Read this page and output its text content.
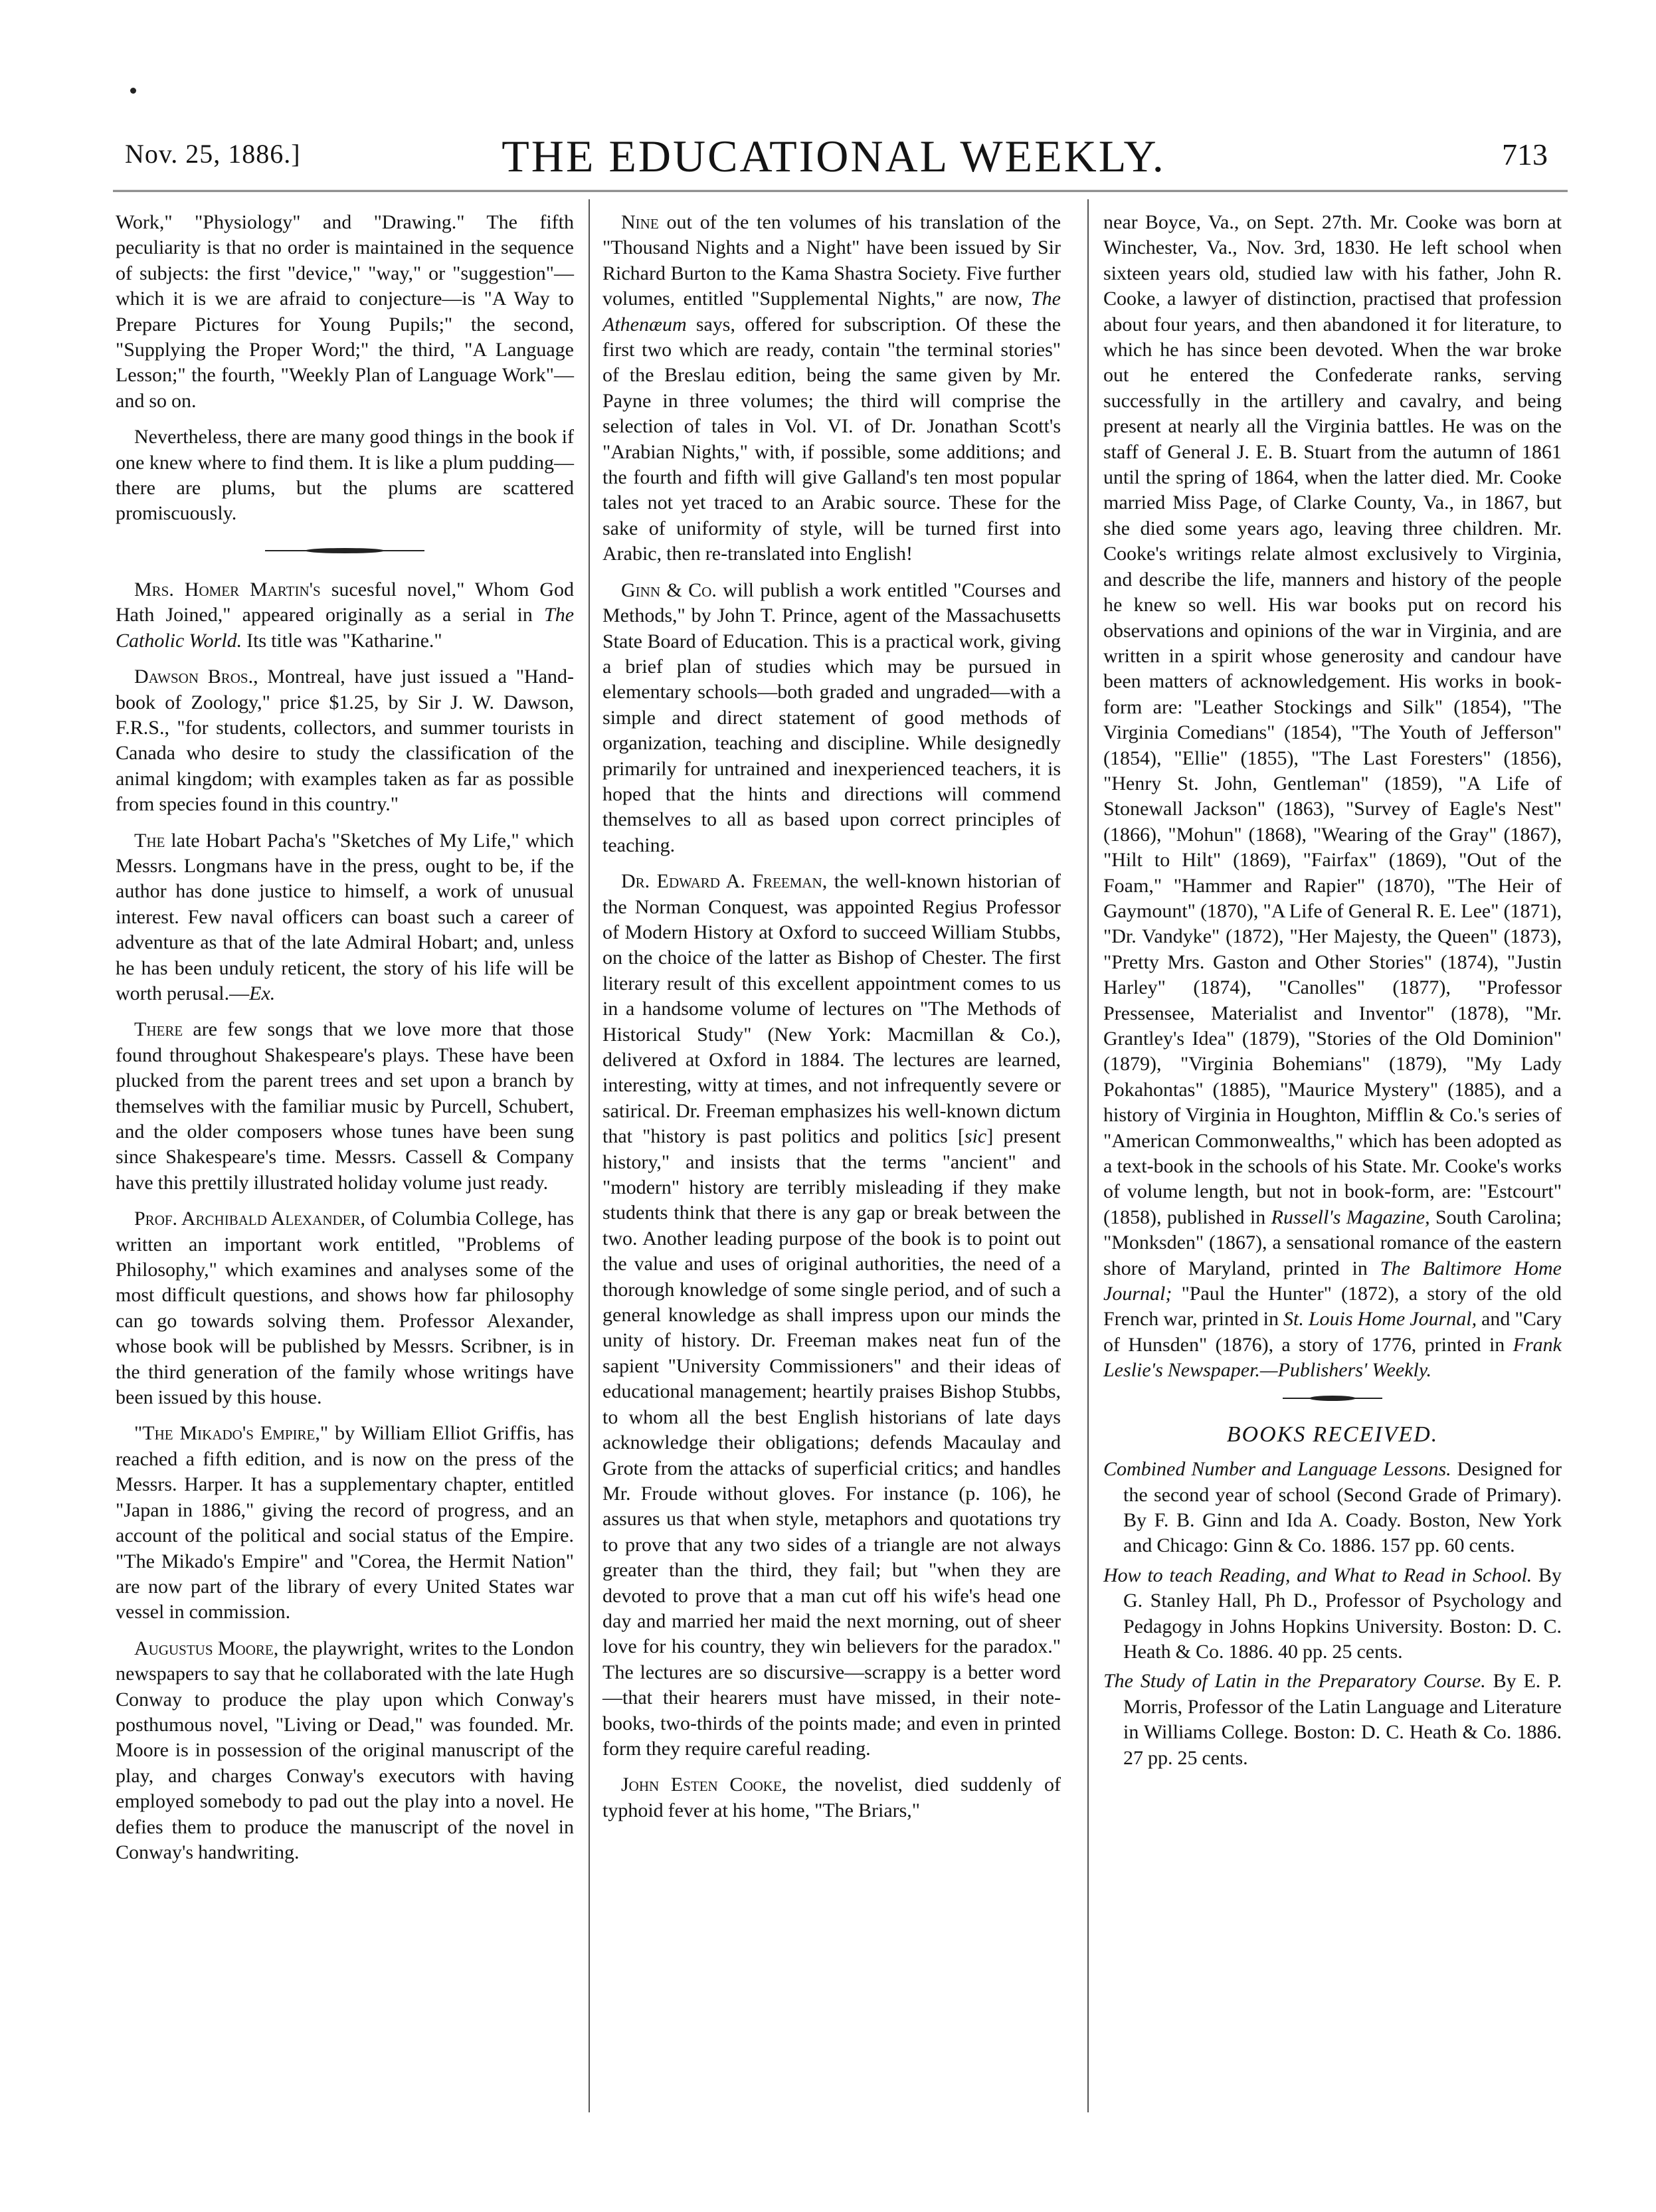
Nov. 25, 1886.]	THE EDUCATIONAL WEEKLY.	713

Work," "Physiology" and "Drawing." The fifth peculiarity is that no order is maintained in the sequence of subjects: the first "device," "way," or "suggestion"—which it is we are afraid to conjecture—is "A Way to Prepare Pictures for Young Pupils;" the second, "Supplying the Proper Word;" the third, "A Language Lesson;" the fourth, "Weekly Plan of Language Work"—and so on.

Nevertheless, there are many good things in the book if one knew where to find them. It is like a plum pudding—there are plums, but the plums are scattered promiscuously.

Mrs. Homer Martin's sucesful novel," Whom God Hath Joined," appeared originally as a serial in The Catholic World. Its title was "Katharine."

Dawson Bros., Montreal, have just issued a "Hand-book of Zoology," price $1.25, by Sir J. W. Dawson, F.R.S., "for students, collectors, and summer tourists in Canada who desire to study the classification of the animal kingdom; with examples taken as far as possible from species found in this country."

The late Hobart Pacha's "Sketches of My Life," which Messrs. Longmans have in the press, ought to be, if the author has done justice to himself, a work of unusual interest. Few naval officers can boast such a career of adventure as that of the late Admiral Hobart; and, unless he has been unduly reticent, the story of his life will be worth perusal.—Ex.

There are few songs that we love more that those found throughout Shakespeare's plays. These have been plucked from the parent trees and set upon a branch by themselves with the familiar music by Purcell, Schubert, and the older composers whose tunes have been sung since Shakespeare's time. Messrs. Cassell & Company have this prettily illustrated holiday volume just ready.

Prof. Archibald Alexander, of Columbia College, has written an important work entitled, "Problems of Philosophy," which examines and analyses some of the most difficult questions, and shows how far philosophy can go towards solving them. Professor Alexander, whose book will be published by Messrs. Scribner, is in the third generation of the family whose writings have been issued by this house.

"The Mikado's Empire," by William Elliot Griffis, has reached a fifth edition, and is now on the press of the Messrs. Harper. It has a supplementary chapter, entitled "Japan in 1886," giving the record of progress, and an account of the political and social status of the Empire. "The Mikado's Empire" and "Corea, the Hermit Nation" are now part of the library of every United States war vessel in commission.

Augustus Moore, the playwright, writes to the London newspapers to say that he collaborated with the late Hugh Conway to produce the play upon which Conway's posthumous novel, "Living or Dead," was founded. Mr. Moore is in possession of the original manuscript of the play, and charges Conway's executors with having employed somebody to pad out the play into a novel. He defies them to produce the manuscript of the novel in Conway's handwriting.

Nine out of the ten volumes of his translation of the "Thousand Nights and a Night" have been issued by Sir Richard Burton to the Kama Shastra Society. Five further volumes, entitled "Supplemental Nights," are now, The Athenæum says, offered for subscription. Of these the first two which are ready, contain "the terminal stories" of the Breslau edition, being the same given by Mr. Payne in three volumes; the third will comprise the selection of tales in Vol. VI. of Dr. Jonathan Scott's "Arabian Nights," with, if possible, some additions; and the fourth and fifth will give Galland's ten most popular tales not yet traced to an Arabic source. These for the sake of uniformity of style, will be turned first into Arabic, then re-translated into English!

Ginn & Co. will publish a work entitled "Courses and Methods," by John T. Prince, agent of the Massachusetts State Board of Education. This is a practical work, giving a brief plan of studies which may be pursued in elementary schools—both graded and ungraded—with a simple and direct statement of good methods of organization, teaching and discipline. While designedly primarily for untrained and inexperienced teachers, it is hoped that the hints and directions will commend themselves to all as based upon correct principles of teaching.

Dr. Edward A. Freeman, the well-known historian of the Norman Conquest, was appointed Regius Professor of Modern History at Oxford to succeed William Stubbs, on the choice of the latter as Bishop of Chester. The first literary result of this excellent appointment comes to us in a handsome volume of lectures on "The Methods of Historical Study" (New York: Macmillan & Co.), delivered at Oxford in 1884. The lectures are learned, interesting, witty at times, and not infrequently severe or satirical. Dr. Freeman emphasizes his well-known dictum that "history is past politics and politics [sic] present history," and insists that the terms "ancient" and "modern" history are terribly misleading if they make students think that there is any gap or break between the two. Another leading purpose of the book is to point out the value and uses of original authorities, the need of a thorough knowledge of some single period, and of such a general knowledge as shall impress upon our minds the unity of history. Dr. Freeman makes neat fun of the sapient "University Commissioners" and their ideas of educational management; heartily praises Bishop Stubbs, to whom all the best English historians of late days acknowledge their obligations; defends Macaulay and Grote from the attacks of superficial critics; and handles Mr. Froude without gloves. For instance (p. 106), he assures us that when style, metaphors and quotations try to prove that any two sides of a triangle are not always greater than the third, they fail; but "when they are devoted to prove that a man cut off his wife's head one day and married her maid the next morning, out of sheer love for his country, they win believers for the paradox." The lectures are so discursive—scrappy is a better word—that their hearers must have missed, in their note-books, two-thirds of the points made; and even in printed form they require careful reading.

John Esten Cooke, the novelist, died suddenly of typhoid fever at his home, "The Briars,"

near Boyce, Va., on Sept. 27th. Mr. Cooke was born at Winchester, Va., Nov. 3rd, 1830. He left school when sixteen years old, studied law with his father, John R. Cooke, a lawyer of distinction, practised that profession about four years, and then abandoned it for literature, to which he has since been devoted. When the war broke out he entered the Confederate ranks, serving successfully in the artillery and cavalry, and being present at nearly all the Virginia battles. He was on the staff of General J. E. B. Stuart from the autumn of 1861 until the spring of 1864, when the latter died. Mr. Cooke married Miss Page, of Clarke County, Va., in 1867, but she died some years ago, leaving three children. Mr. Cooke's writings relate almost exclusively to Virginia, and describe the life, manners and history of the people he knew so well. His war books put on record his observations and opinions of the war in Virginia, and are written in a spirit whose generosity and candour have been matters of acknowledgement. His works in book-form are: "Leather Stockings and Silk" (1854), "The Virginia Comedians" (1854), "The Youth of Jefferson" (1854), "Ellie" (1855), "The Last Foresters" (1856), "Henry St. John, Gentleman" (1859), "A Life of Stonewall Jackson" (1863), "Survey of Eagle's Nest" (1866), "Mohun" (1868), "Wearing of the Gray" (1867), "Hilt to Hilt" (1869), "Fairfax" (1869), "Out of the Foam," "Hammer and Rapier" (1870), "The Heir of Gaymount" (1870), "A Life of General R. E. Lee" (1871), "Dr. Vandyke" (1872), "Her Majesty, the Queen" (1873), "Pretty Mrs. Gaston and Other Stories" (1874), "Justin Harley" (1874), "Canolles" (1877), "Professor Pressensee, Materialist and Inventor" (1878), "Mr. Grantley's Idea" (1879), "Stories of the Old Dominion" (1879), "Virginia Bohemians" (1879), "My Lady Pokahontas" (1885), "Maurice Mystery" (1885), and a history of Virginia in Houghton, Mifflin & Co.'s series of "American Commonwealths," which has been adopted as a text-book in the schools of his State. Mr. Cooke's works of volume length, but not in book-form, are: "Estcourt" (1858), published in Russell's Magazine, South Carolina; "Monksden" (1867), a sensational romance of the eastern shore of Maryland, printed in The Baltimore Home Journal; "Paul the Hunter" (1872), a story of the old French war, printed in St. Louis Home Journal, and "Cary of Hunsden" (1876), a story of 1776, printed in Frank Leslie's Newspaper.—Publishers' Weekly.

BOOKS RECEIVED.
Combined Number and Language Lessons. Designed for the second year of school (Second Grade of Primary). By F. B. Ginn and Ida A. Coady. Boston, New York and Chicago: Ginn & Co. 1886. 157 pp. 60 cents.
How to teach Reading, and What to Read in School. By G. Stanley Hall, Ph D., Professor of Psychology and Pedagogy in Johns Hopkins University. Boston: D. C. Heath & Co. 1886. 40 pp. 25 cents.
The Study of Latin in the Preparatory Course. By E. P. Morris, Professor of the Latin Language and Literature in Williams College. Boston: D. C. Heath & Co. 1886. 27 pp. 25 cents.
